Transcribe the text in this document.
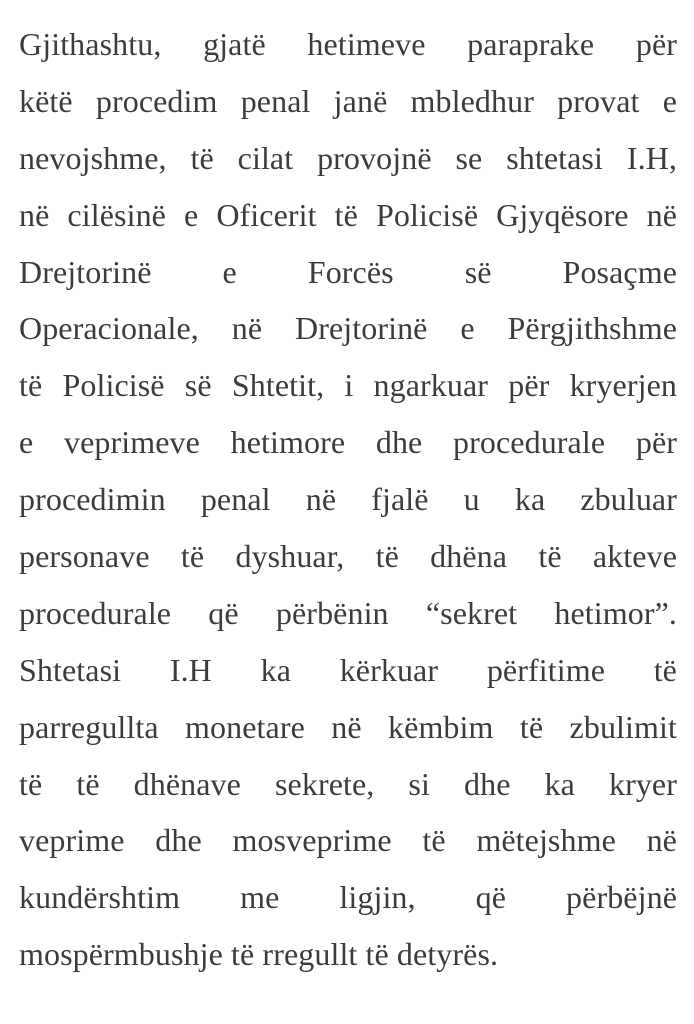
Gjithashtu, gjatë hetimeve paraprake për
këtë procedim penal janë mbledhur provat e
nevojshme, të cilat provojnë se shtetasi I.H,
në cilësinë e Oficerit të Policisë Gjyqësore në
Drejtorinë e Forcës së Posaçme
Operacionale, në Drejtorinë e Përgjithshme
të Policisë së Shtetit, i ngarkuar për kryerjen
e veprimeve hetimore dhe procedurale për
procedimin penal në fjalë u ka zbuluar
personave të dyshuar, të dhëna të akteve
procedurale që përbënin “sekret hetimor”.
Shtetasi I.H ka kërkuar përfitime të
parregullta monetare në këmbim të zbulimit
të të dhënave sekrete, si dhe ka kryer
veprime dhe mosveprime të mëtejshme në
kundërshtim me ligjin, që përbëjnë
mospërmbushje të rregullt të detyrës.
